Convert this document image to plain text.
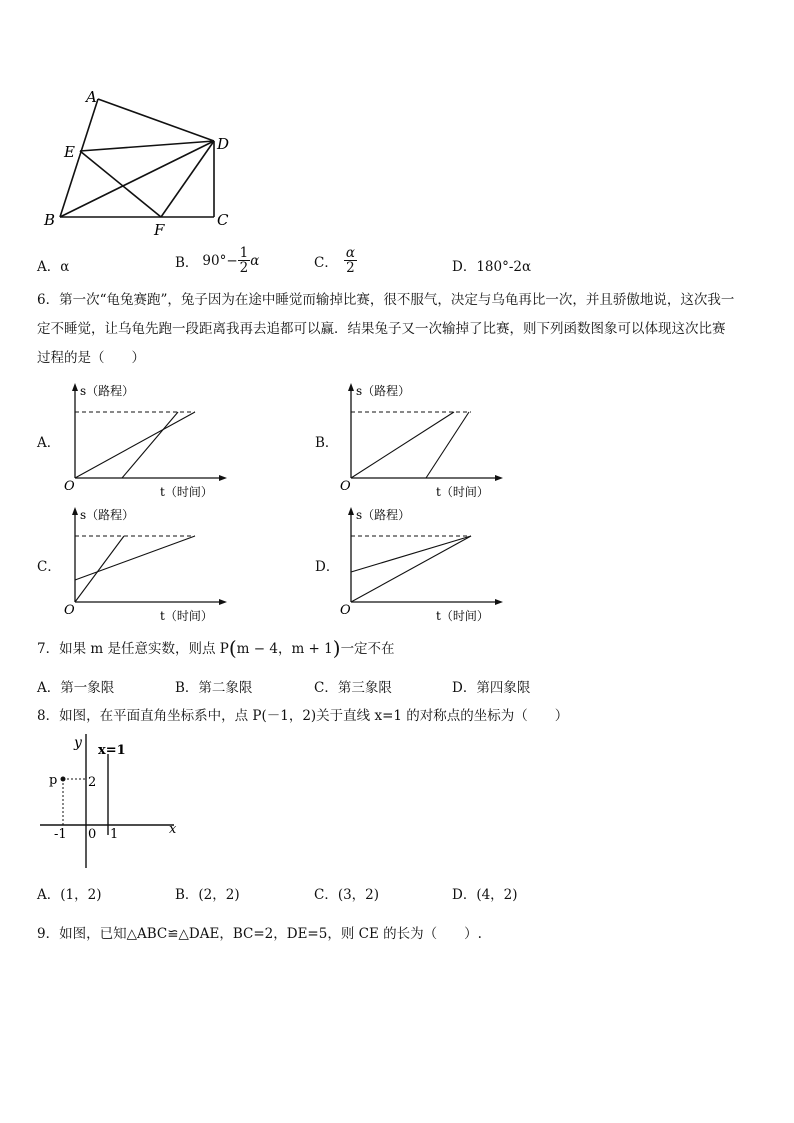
A
E	D
B
F
C
A．α	B． $90^\circ- \frac{1}{2}$ α	C． $\frac{\alpha}{2}$	D．180°-2α
6．第一次“龟兔赛跑”，兔子因为在途中睡觉而输掉比赛，很不服气，决定与乌龟再比一次，并且骄傲地说，这次我一
定不睡觉，让乌龟先跑一段距离我再去追都可以赢．结果兔子又一次输掉了比赛，则下列函数图象可以体现这次比赛
过程的是（　　）
A．	B．
C．	D．
s（路程）
t（时间）
O
s（路程）
t（时间）
O
s（路程）
t（时间）
O
s（路程）
t（时间）
O
7．如果 m 是任意实数，则点 P(m − 4，m + 1)一定不在
A．第一象限	B．第二象限	C．第三象限	D．第四象限
8．如图，在平面直角坐标系中，点 P(－1，2)关于直线 x=1 的对称点的坐标为（　　）
y x=1
p 2
-1 0 1	x
A．(1，2)	B．(2，2)	C．(3，2)	D．(4，2)
9．如图，已知△ABC≌△DAE，BC=2，DE=5，则 CE 的长为（　　）.
